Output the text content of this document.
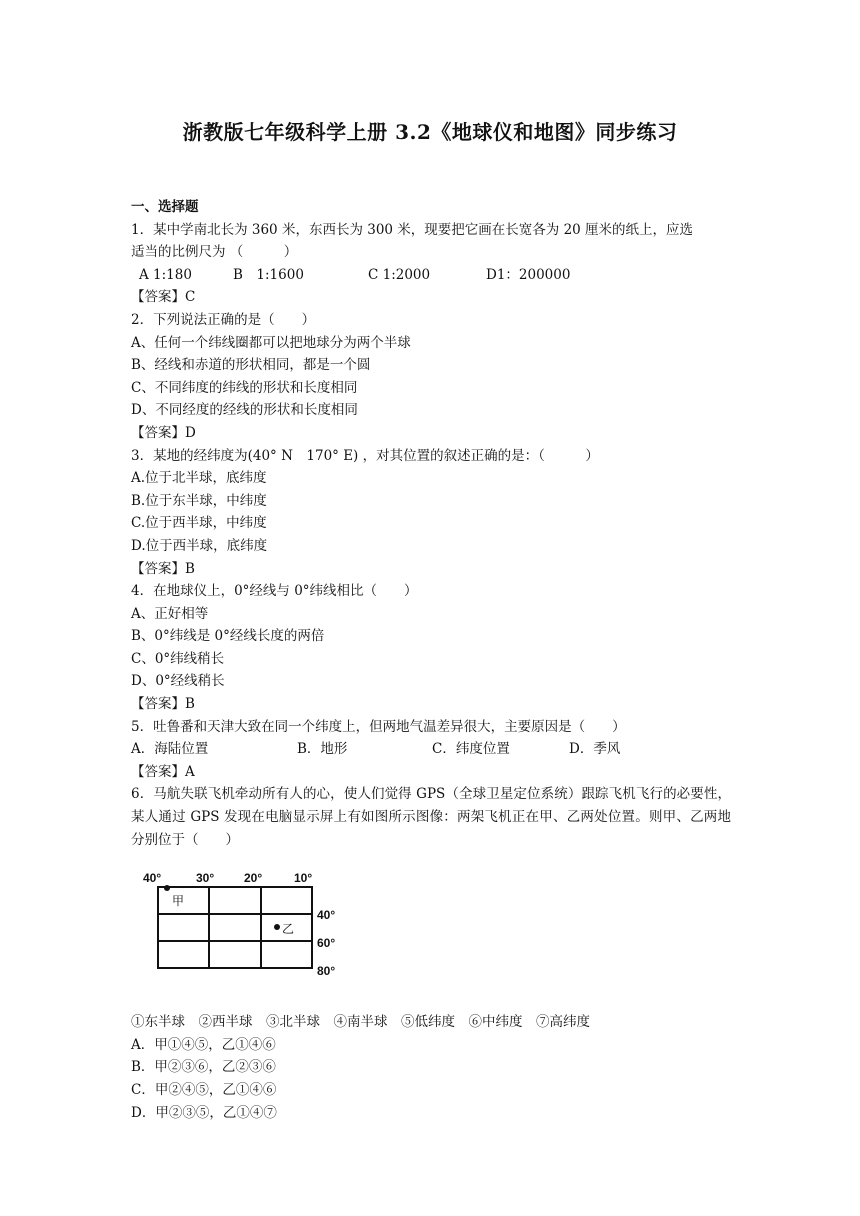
浙教版七年级科学上册 3.2《地球仪和地图》同步练习
一、选择题
1．某中学南北长为 360 米，东西长为 300 米，现要把它画在长宽各为 20 厘米的纸上，应选
适当的比例尺为 （　　　）
A 1:180	B　1:1600	C 1:2000	D1：200000
【答案】C
2．下列说法正确的是（　　）
A、任何一个纬线圈都可以把地球分为两个半球
B、经线和赤道的形状相同，都是一个圆
C、不同纬度的纬线的形状和长度相同
D、不同经度的经线的形状和长度相同
【答案】D
3．某地的经纬度为(40° N　170° E) ，对其位置的叙述正确的是：（　　　）
A.位于北半球，底纬度
B.位于东半球，中纬度
C.位于西半球，中纬度
D.位于西半球，底纬度
【答案】B
4．在地球仪上，0°经线与 0°纬线相比（　　）
A、正好相等
B、0°纬线是 0°经线长度的两倍
C、0°纬线稍长
D、0°经线稍长
【答案】B
5．吐鲁番和天津大致在同一个纬度上，但两地气温差异很大，主要原因是（　　）
A．海陆位置	B．地形	C．纬度位置	D．季风
【答案】A
6．马航失联飞机牵动所有人的心，使人们觉得 GPS（全球卫星定位系统）跟踪飞机飞行的必要性，某人通过 GPS 发现在电脑显示屏上有如图所示图像：两架飞机正在甲、乙两处位置。则甲、乙两地分别位于（　　）
40°	30° 20°	10°
40°
60°
80°
甲
乙
①东半球　②西半球　③北半球　④南半球　⑤低纬度　⑥中纬度　⑦高纬度
A．甲①④⑤，乙①④⑥
B．甲②③⑥，乙②③⑥
C．甲②④⑤，乙①④⑥
D．甲②③⑤，乙①④⑦
